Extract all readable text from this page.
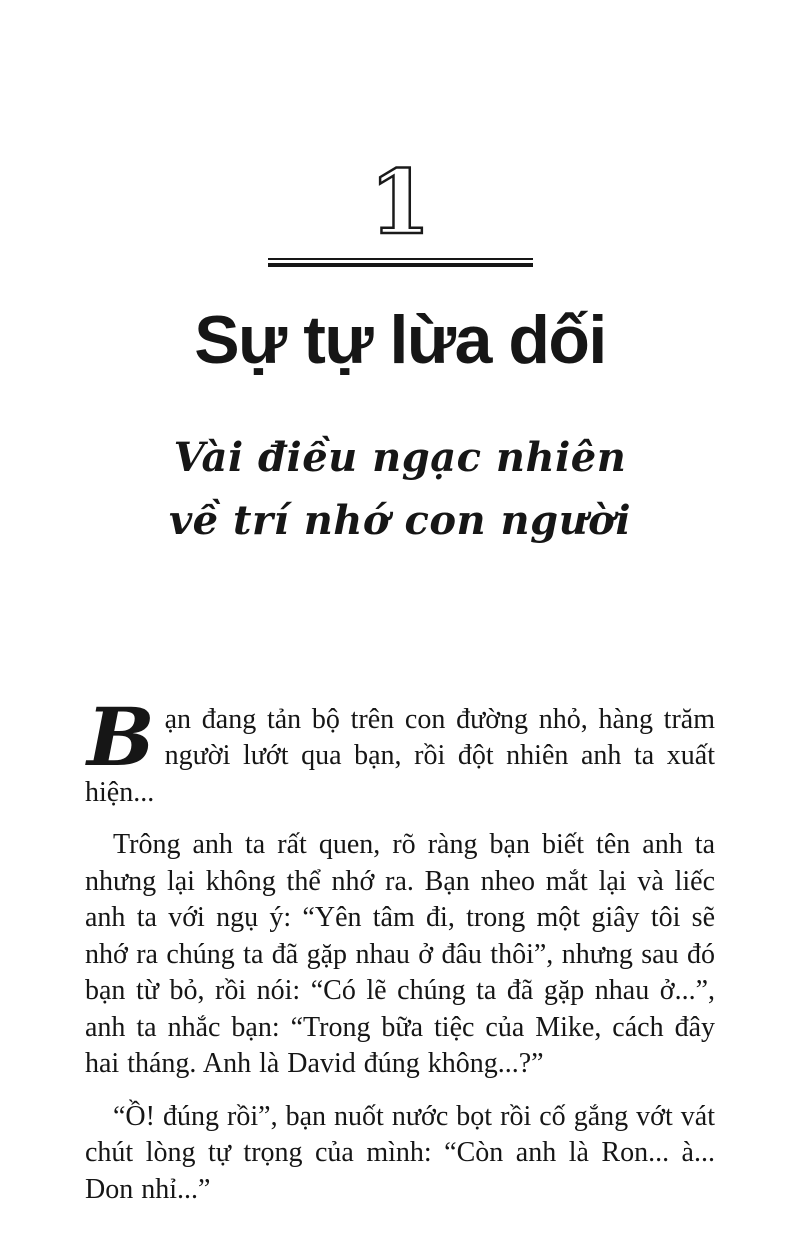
1
Sự tự lừa dối
Vài điều ngạc nhiên
về trí nhớ con người

Bạn đang tản bộ trên con đường nhỏ, hàng trăm người lướt qua bạn, rồi đột nhiên anh ta xuất hiện...

Trông anh ta rất quen, rõ ràng bạn biết tên anh ta nhưng lại không thể nhớ ra. Bạn nheo mắt lại và liếc anh ta với ngụ ý: “Yên tâm đi, trong một giây tôi sẽ nhớ ra chúng ta đã gặp nhau ở đâu thôi”, nhưng sau đó bạn từ bỏ, rồi nói: “Có lẽ chúng ta đã gặp nhau ở...”, anh ta nhắc bạn: “Trong bữa tiệc của Mike, cách đây hai tháng. Anh là David đúng không...?”

“Ồ! đúng rồi”, bạn nuốt nước bọt rồi cố gắng vớt vát chút lòng tự trọng của mình: “Còn anh là Ron... à... Don nhỉ...”
